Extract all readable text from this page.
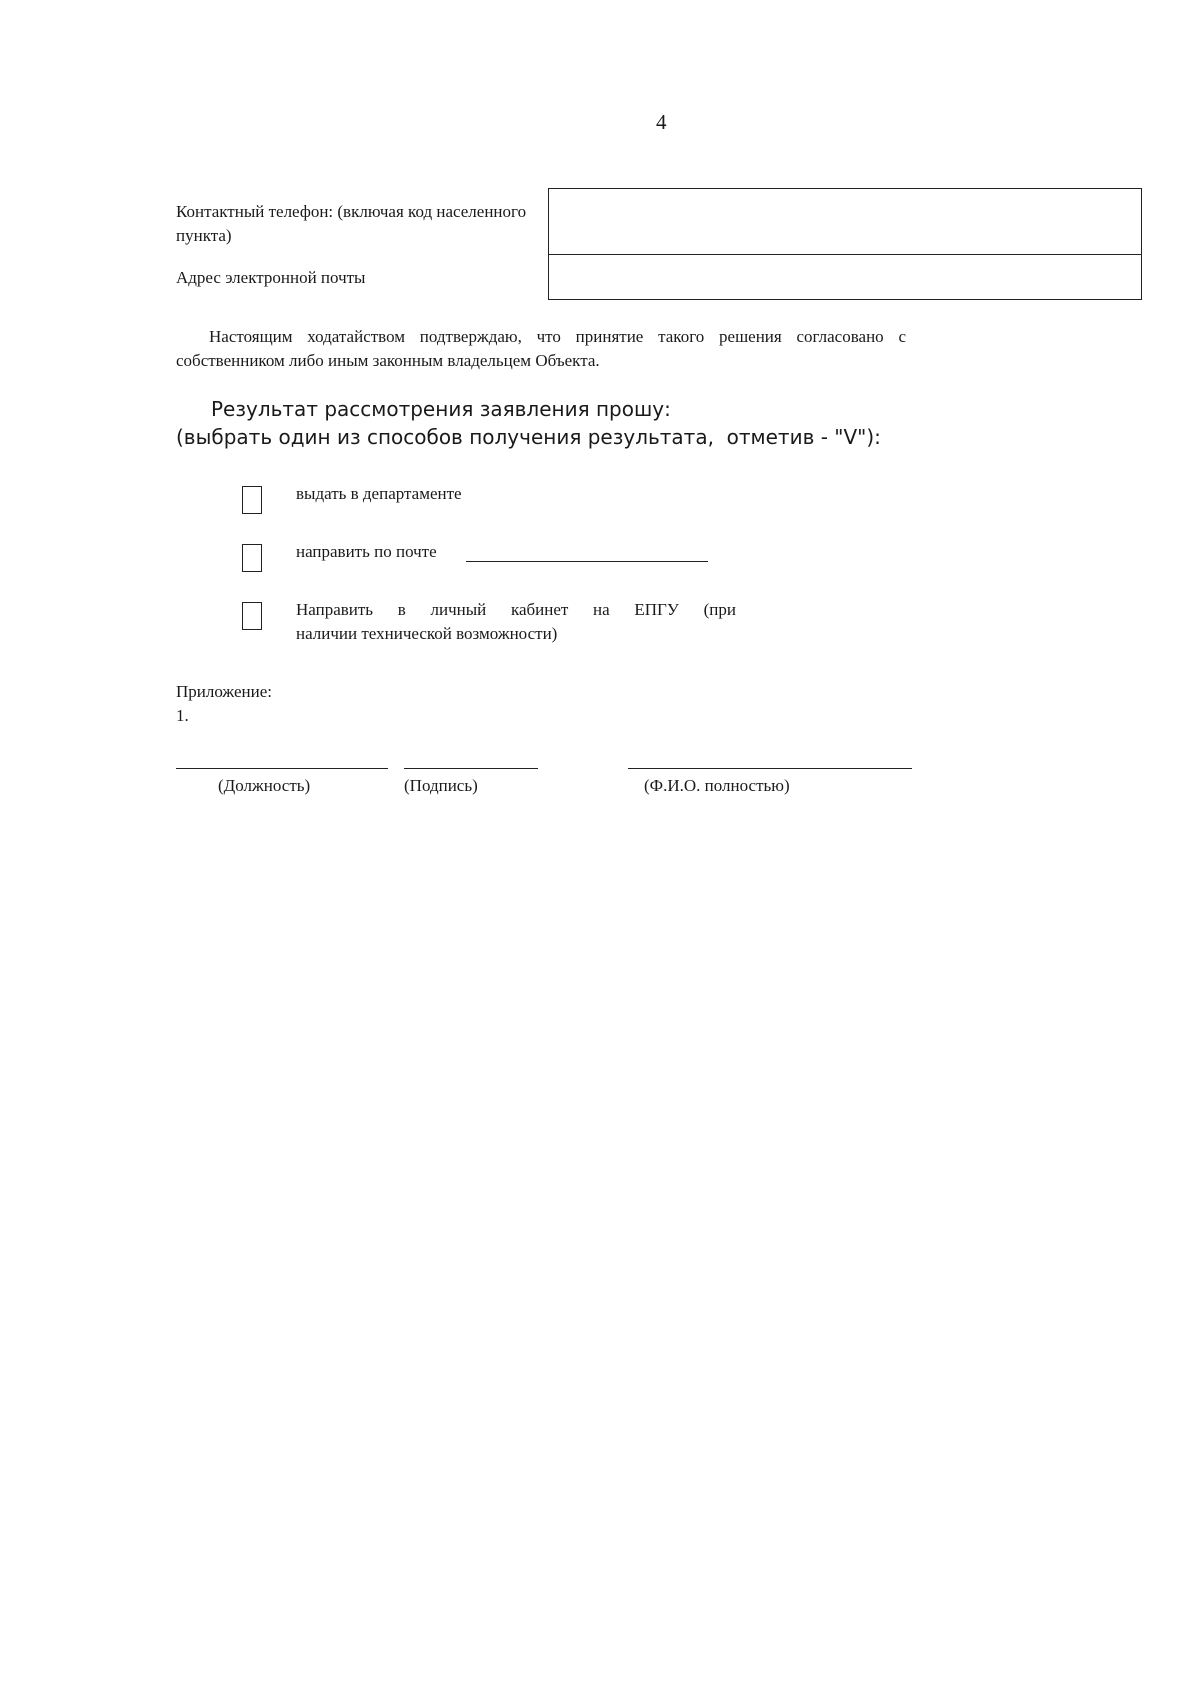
4
Контактный телефон: (включая код населенного пункта)
Адрес электронной почты
Настоящим ходатайством подтверждаю, что принятие такого решения согласовано с собственником либо иным законным владельцем Объекта.
Результат рассмотрения заявления прошу:
(выбрать один из способов получения результата,  отметив - "V"):
выдать в департаменте
направить по почте
Направить в личный кабинет на ЕПГУ (при
наличии технической возможности)
Приложение:
1.
(Должность)	(Подпись)	(Ф.И.О. полностью)
